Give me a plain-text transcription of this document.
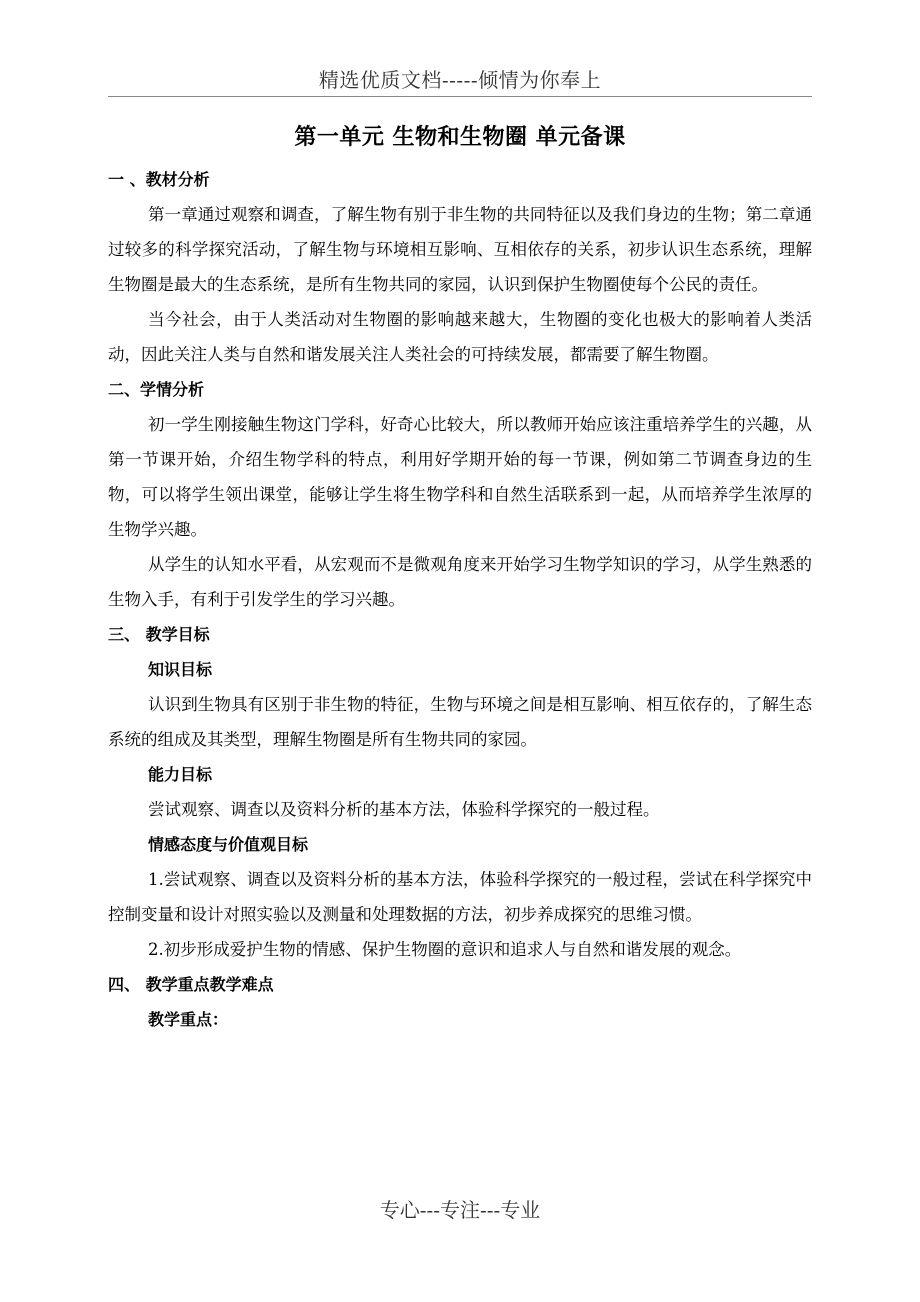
精选优质文档-----倾情为你奉上
第一单元 生物和生物圈 单元备课

一 、教材分析

第一章通过观察和调查，了解生物有别于非生物的共同特征以及我们身边的生物；第二章通过较多的科学探究活动，了解生物与环境相互影响、互相依存的关系，初步认识生态系统，理解生物圈是最大的生态系统，是所有生物共同的家园，认识到保护生物圈使每个公民的责任。

当今社会，由于人类活动对生物圈的影响越来越大，生物圈的变化也极大的影响着人类活动，因此关注人类与自然和谐发展关注人类社会的可持续发展，都需要了解生物圈。

二、学情分析

初一学生刚接触生物这门学科，好奇心比较大，所以教师开始应该注重培养学生的兴趣，从第一节课开始，介绍生物学科的特点，利用好学期开始的每一节课，例如第二节调查身边的生物，可以将学生领出课堂，能够让学生将生物学科和自然生活联系到一起，从而培养学生浓厚的生物学兴趣。

从学生的认知水平看，从宏观而不是微观角度来开始学习生物学知识的学习，从学生熟悉的生物入手，有利于引发学生的学习兴趣。

三、 教学目标

知识目标

认识到生物具有区别于非生物的特征，生物与环境之间是相互影响、相互依存的，了解生态系统的组成及其类型，理解生物圈是所有生物共同的家园。

能力目标

尝试观察、调查以及资料分析的基本方法，体验科学探究的一般过程。

情感态度与价值观目标

1.尝试观察、调查以及资料分析的基本方法，体验科学探究的一般过程，尝试在科学探究中控制变量和设计对照实验以及测量和处理数据的方法，初步养成探究的思维习惯。

2.初步形成爱护生物的情感、保护生物圈的意识和追求人与自然和谐发展的观念。

四、 教学重点教学难点

教学重点：

专心---专注---专业
